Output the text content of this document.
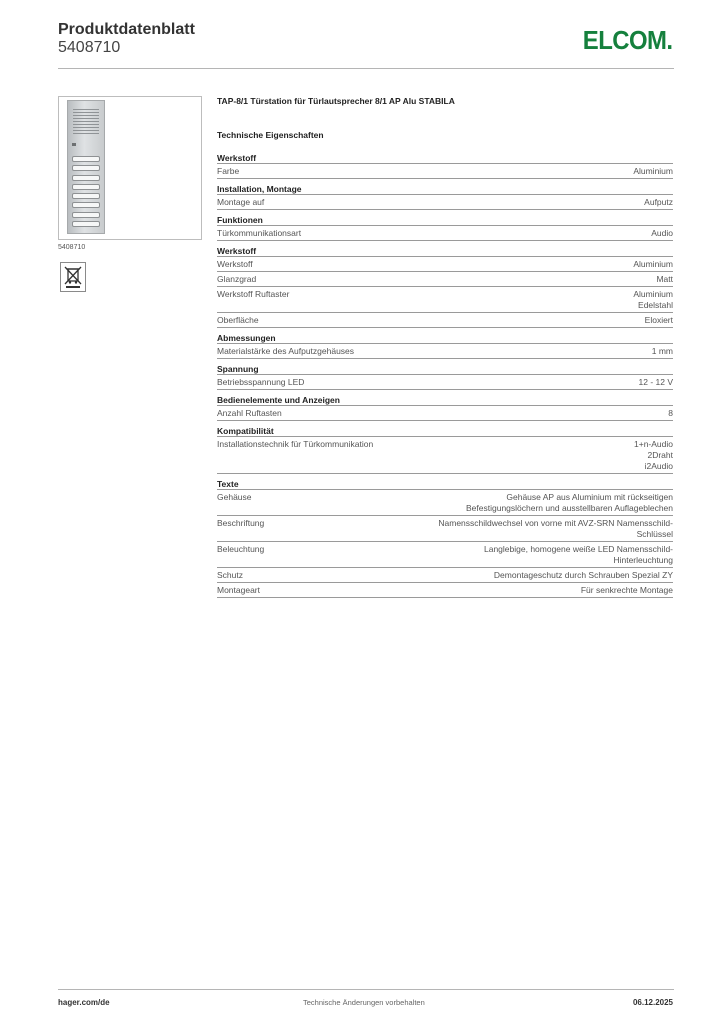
Produktdatenblatt
5408710	ELCOM.
5408710
TAP-8/1 Türstation für Türlautsprecher 8/1 AP Alu STABILA
Technische Eigenschaften
Werkstoff
Farbe	Aluminium
Installation, Montage
Montage auf	Aufputz
Funktionen
Türkommunikationsart	Audio
Werkstoff
Werkstoff	Aluminium
Glanzgrad	Matt
Werkstoff Ruftaster	Aluminium
Edelstahl
Oberfläche	Eloxiert
Abmessungen
Materialstärke des Aufputzgehäuses	1 mm
Spannung
Betriebsspannung LED	12 - 12 V
Bedienelemente und Anzeigen
Anzahl Ruftasten	8
Kompatibilität
Installationstechnik für Türkommunikation	1+n-Audio
2Draht
i2Audio
Texte
Gehäuse	Gehäuse AP aus Aluminium mit rückseitigen
Befestigungslöchern und ausstellbaren Auflageblechen
Beschriftung	Namensschildwechsel von vorne mit AVZ-SRN Namensschild-
Schlüssel
Beleuchtung	Langlebige, homogene weiße LED Namensschild-
Hinterleuchtung
Schutz	Demontageschutz durch Schrauben Spezial ZY
Montageart	Für senkrechte Montage
hager.com/de	Technische Änderungen vorbehalten	06.12.2025
